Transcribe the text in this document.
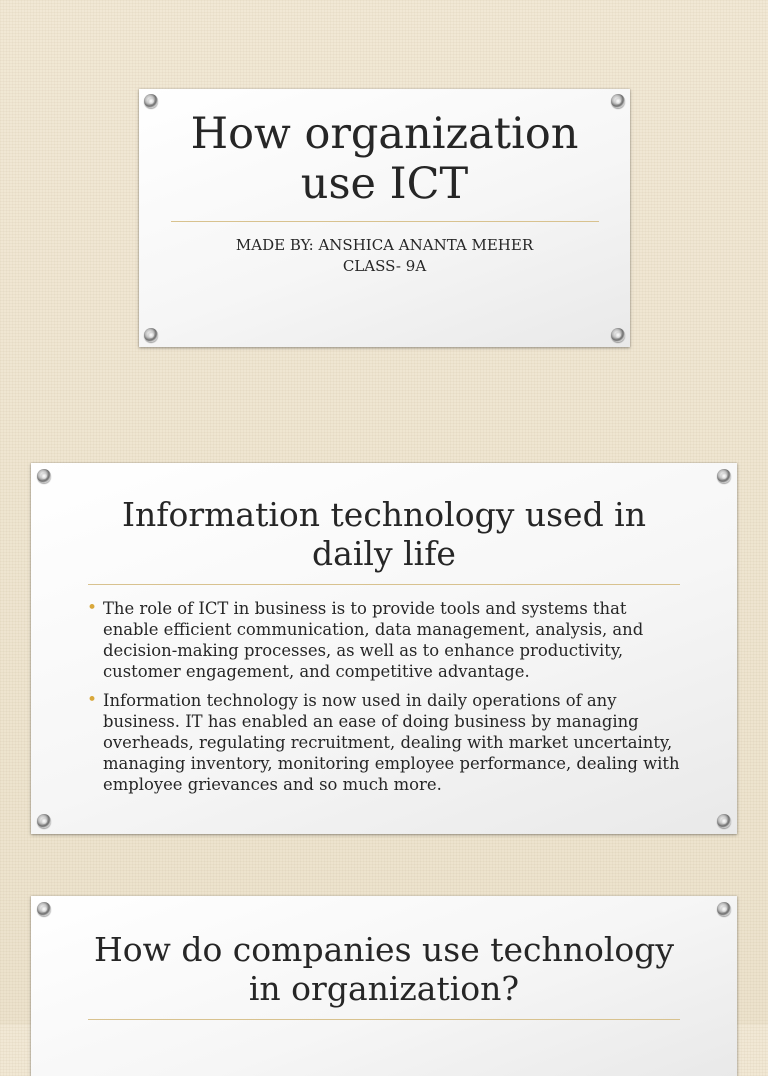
How organization use ICT
MADE BY: ANSHICA ANANTA MEHER
CLASS- 9A
Information technology used in daily life
• The role of ICT in business is to provide tools and systems that enable efficient communication, data management, analysis, and decision-making processes, as well as to enhance productivity, customer engagement, and competitive advantage.
• Information technology is now used in daily operations of any business. IT has enabled an ease of doing business by managing overheads, regulating recruitment, dealing with market uncertainty, managing inventory, monitoring employee performance, dealing with employee grievances and so much more.
How do companies use technology in organization?
